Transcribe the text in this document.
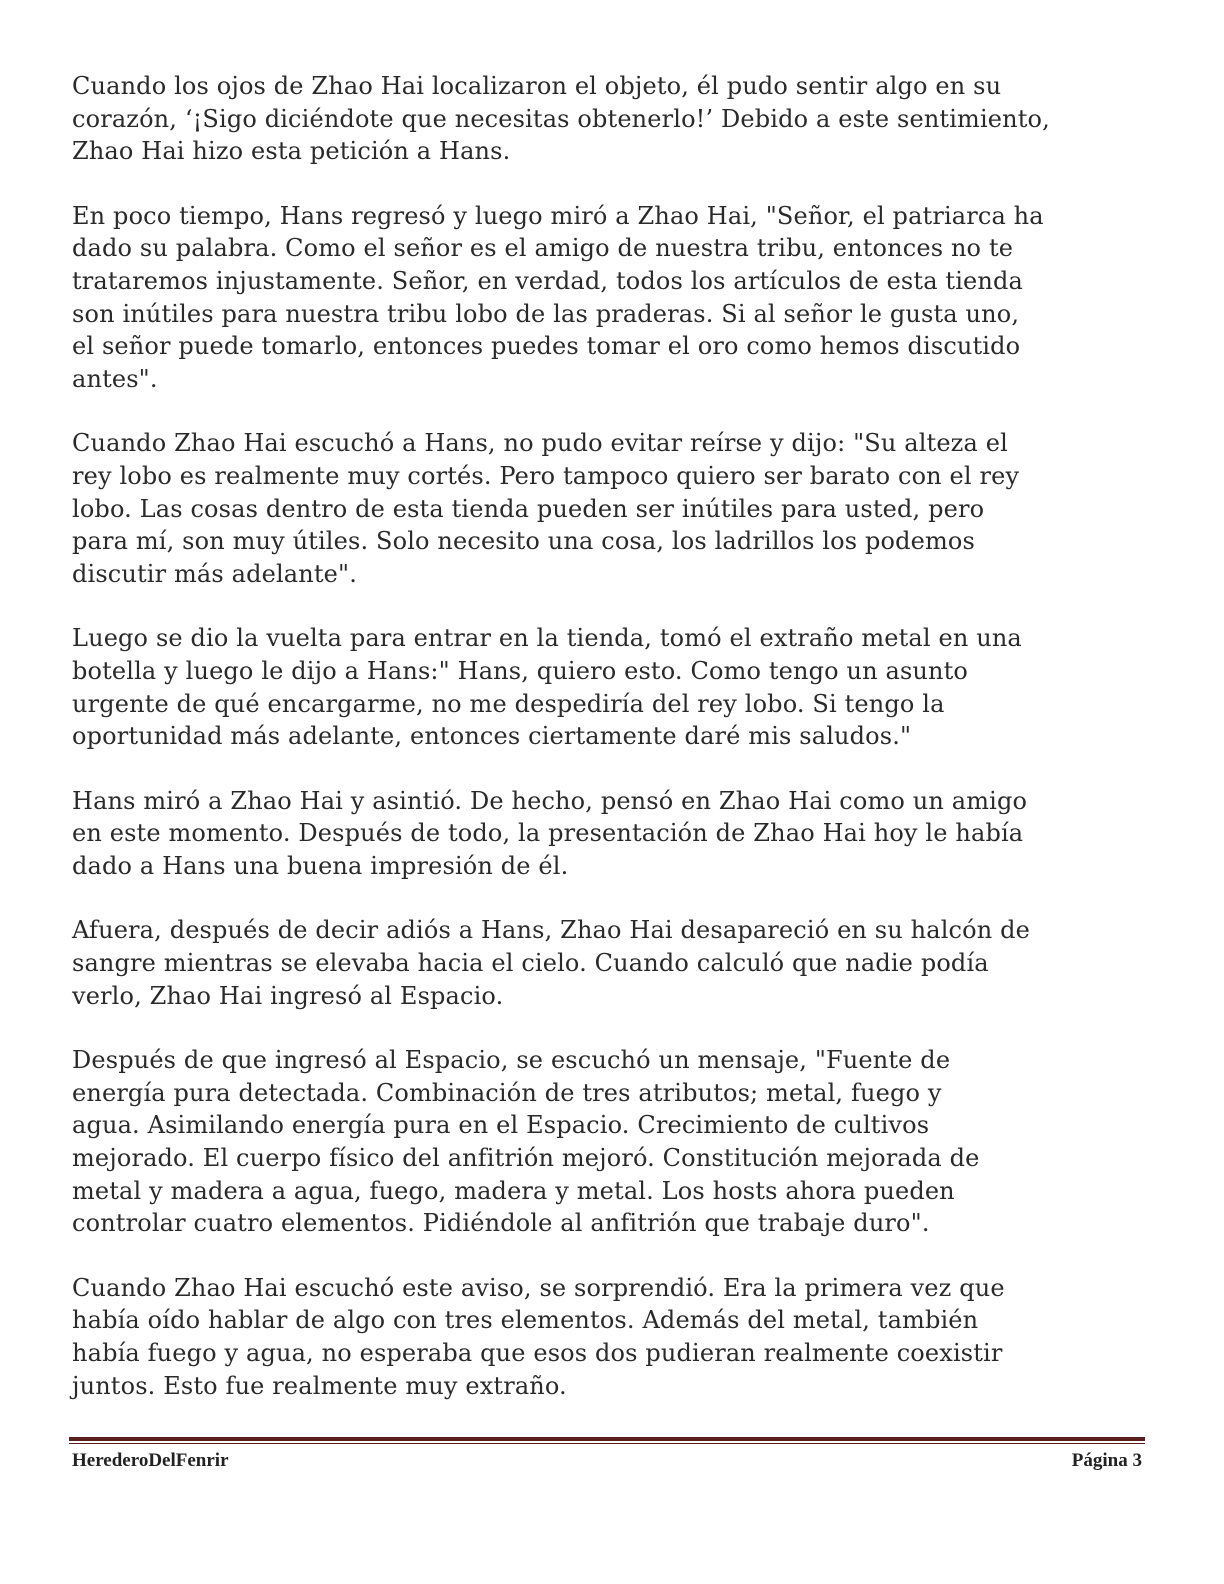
Cuando los ojos de Zhao Hai localizaron el objeto, él pudo sentir algo en su
corazón, ‘¡Sigo diciéndote que necesitas obtenerlo!’ Debido a este sentimiento,
Zhao Hai hizo esta petición a Hans.

En poco tiempo, Hans regresó y luego miró a Zhao Hai, "Señor, el patriarca ha
dado su palabra. Como el señor es el amigo de nuestra tribu, entonces no te
trataremos injustamente. Señor, en verdad, todos los artículos de esta tienda
son inútiles para nuestra tribu lobo de las praderas. Si al señor le gusta uno,
el señor puede tomarlo, entonces puedes tomar el oro como hemos discutido
antes".

Cuando Zhao Hai escuchó a Hans, no pudo evitar reírse y dijo: "Su alteza el
rey lobo es realmente muy cortés. Pero tampoco quiero ser barato con el rey
lobo. Las cosas dentro de esta tienda pueden ser inútiles para usted, pero
para mí, son muy útiles. Solo necesito una cosa, los ladrillos los podemos
discutir más adelante".

Luego se dio la vuelta para entrar en la tienda, tomó el extraño metal en una
botella y luego le dijo a Hans:" Hans, quiero esto. Como tengo un asunto
urgente de qué encargarme, no me despediría del rey lobo. Si tengo la
oportunidad más adelante, entonces ciertamente daré mis saludos."

Hans miró a Zhao Hai y asintió. De hecho, pensó en Zhao Hai como un amigo
en este momento. Después de todo, la presentación de Zhao Hai hoy le había
dado a Hans una buena impresión de él.

Afuera, después de decir adiós a Hans, Zhao Hai desapareció en su halcón de
sangre mientras se elevaba hacia el cielo. Cuando calculó que nadie podía
verlo, Zhao Hai ingresó al Espacio.

Después de que ingresó al Espacio, se escuchó un mensaje, "Fuente de
energía pura detectada. Combinación de tres atributos; metal, fuego y
agua. Asimilando energía pura en el Espacio. Crecimiento de cultivos
mejorado. El cuerpo físico del anfitrión mejoró. Constitución mejorada de
metal y madera a agua, fuego, madera y metal. Los hosts ahora pueden
controlar cuatro elementos. Pidiéndole al anfitrión que trabaje duro".

Cuando Zhao Hai escuchó este aviso, se sorprendió. Era la primera vez que
había oído hablar de algo con tres elementos. Además del metal, también
había fuego y agua, no esperaba que esos dos pudieran realmente coexistir
juntos. Esto fue realmente muy extraño.

HerederoDelFenrir	Página 3
